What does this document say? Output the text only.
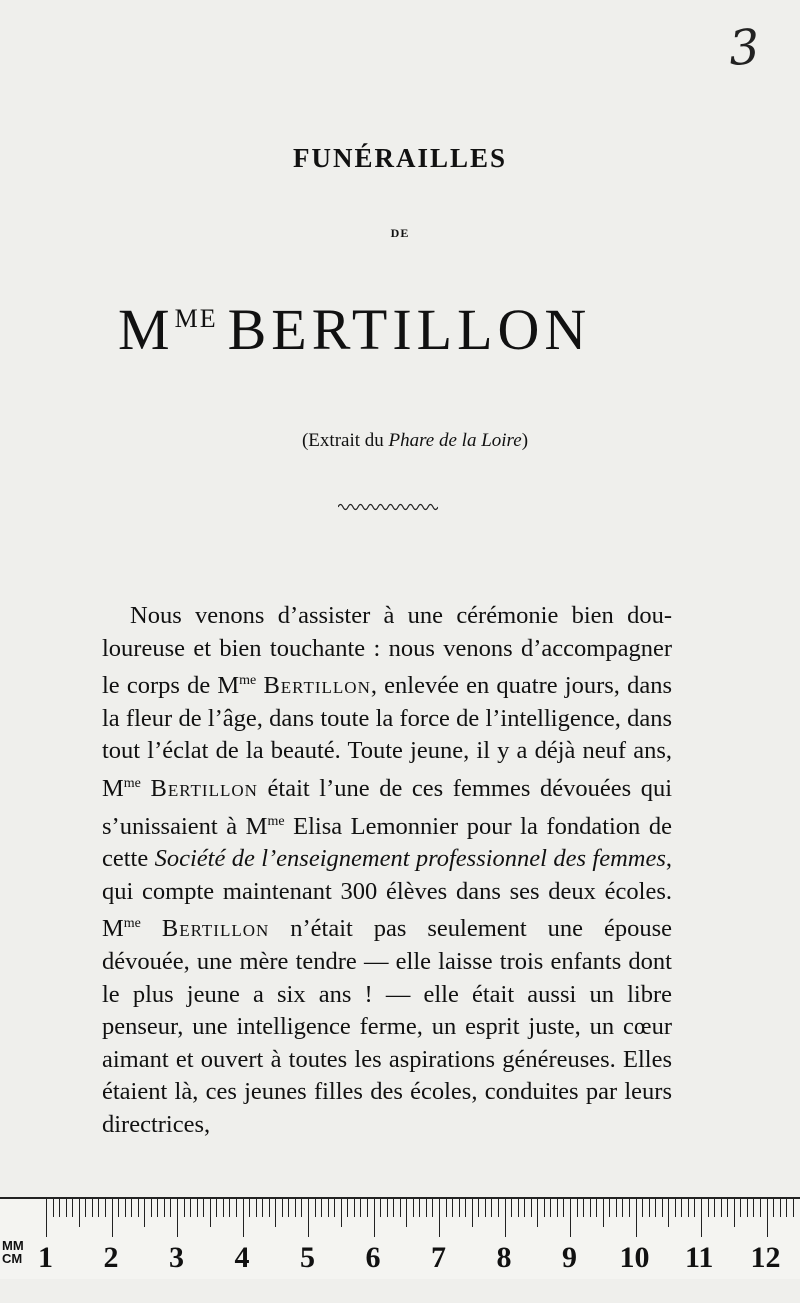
3
FUNÉRAILLES
DE
$M^{ME}$ BERTILLON
(Extrait du Phare de la Loire)

Nous venons d’assister à une cérémonie bien douloureuse et bien touchante : nous venons d’accompagner le corps de $M^{me}$ Bertillon, enlevée en quatre jours, dans la fleur de l’âge, dans toute la force de l’intelligence, dans tout l’éclat de la beauté. Toute jeune, il y a déjà neuf ans, $M^{me}$ Bertillon était l’une de ces femmes dévouées qui s’unissaient à $M^{me}$ Elisa Lemonnier pour la fondation de cette Société de l’enseignement professionnel des femmes, qui compte maintenant 300 élèves dans ses deux écoles. $M^{me}$ Bertillon n’était pas seulement une épouse dévouée, une mère tendre — elle laisse trois enfants dont le plus jeune a six ans ! — elle était aussi un libre penseur, une intelligence ferme, un esprit juste, un cœur aimant et ouvert à toutes les aspirations généreuses. Elles étaient là, ces jeunes filles des écoles, conduites par leurs directrices,

MM
CM 1 2 3 4 5 6 7 8 9 10 11 12
